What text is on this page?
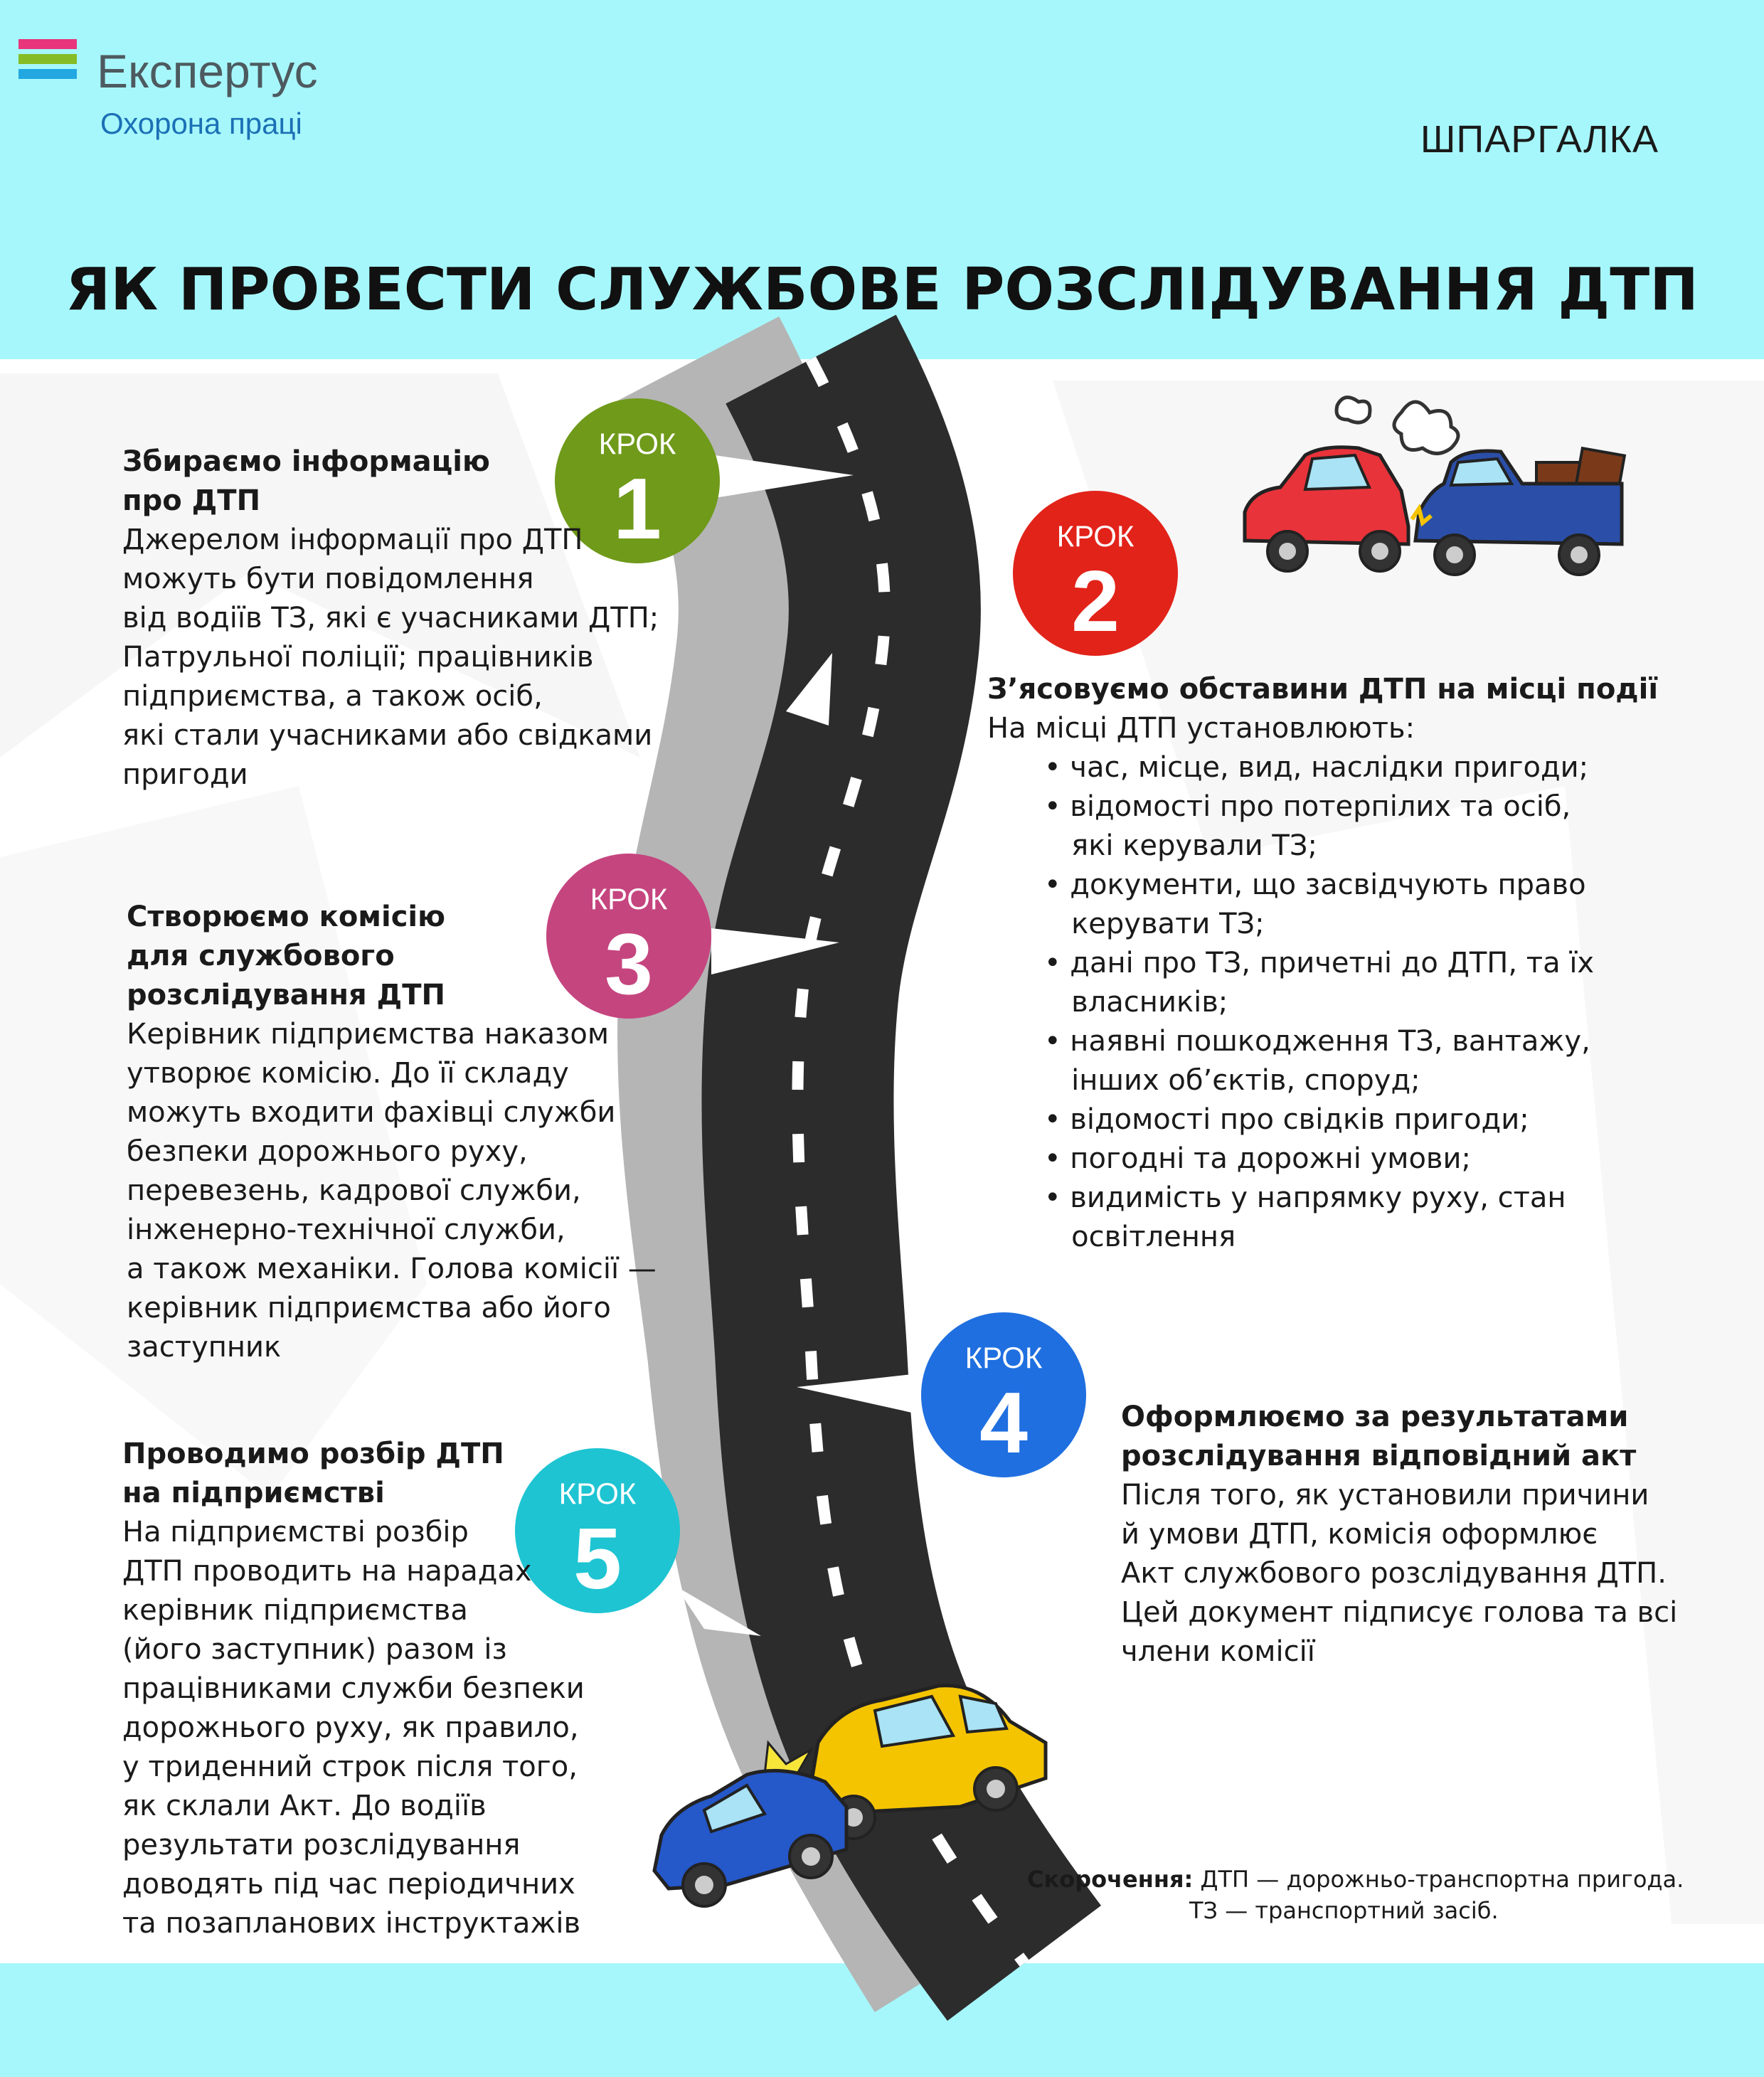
Експертус
Охорона праці	ШПАРГАЛКА
ЯК ПРОВЕСТИ СЛУЖБОВЕ РОЗСЛІДУВАННЯ ДТП
КРОК
1	КРОК
2
КРОК
3
КРОК
4
КРОК
5
Збираємо інформацію
про ДТП
Джерелом інформації про ДТП
можуть бути повідомлення
від водіїв ТЗ, які є учасниками ДТП;
Патрульної поліції; працівників
підприємства, а також осіб,
які стали учасниками або свідками
пригоди
З’ясовуємо обставини ДТП на місці події
На місці ДТП установлюють:
• час, місце, вид, наслідки пригоди;
• відомості про потерпілих та осіб,
які керували ТЗ;
• документи, що засвідчують право
керувати ТЗ;
• дані про ТЗ, причетні до ДТП, та їх
власників;
• наявні пошкодження ТЗ, вантажу,
інших об’єктів, споруд;
• відомості про свідків пригоди;
• погодні та дорожні умови;
• видимість у напрямку руху, стан
освітлення
Створюємо комісію
для службового
розслідування ДТП
Керівник підприємства наказом
утворює комісію. До її складу
можуть входити фахівці служби
безпеки дорожнього руху,
перевезень, кадрової служби,
інженерно-технічної служби,
а також механіки. Голова комісії —
керівник підприємства або його
заступник
Оформлюємо за результатами
розслідування відповідний акт
Після того, як установили причини
й умови ДТП, комісія оформлює
Акт службового розслідування ДТП.
Цей документ підписує голова та всі
члени комісії
Проводимо розбір ДТП
на підприємстві
На підприємстві розбір
ДТП проводить на нарадах
керівник підприємства
(його заступник) разом із
працівниками служби безпеки
дорожнього руху, як правило,
у триденний строк після того,
як склали Акт. До водіїв
результати розслідування
доводять під час періодичних
та позапланових інструктажів
Скорочення: ДТП — дорожньо-транспортна пригода.
ТЗ — транспортний засіб.
